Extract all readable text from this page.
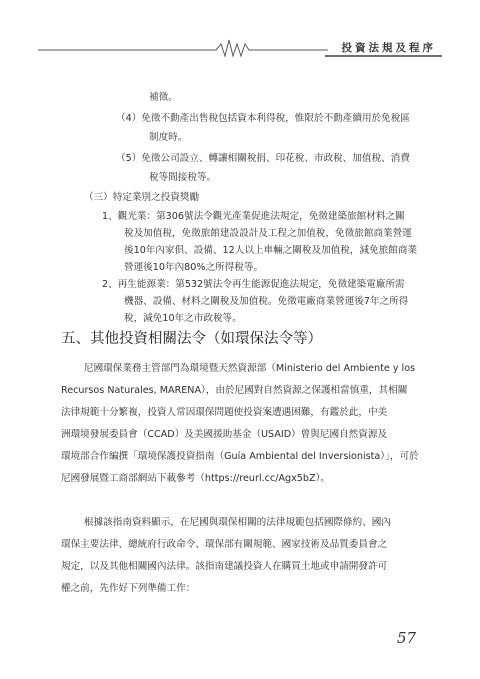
投資法規及程序
五、其他投資相關法令（如環保法令等）
尼國環保業務主管部門為環境暨天然資源部（Ministerio del Ambiente y los
Recursos Naturales, MARENA），由於尼國對自然資源之保護相當慎重，其相關
法律規範十分繁複，投資人常因環保問題使投資案遭遇困難，有鑑於此，中美
洲環境發展委員會（CCAD）及美國援助基金（USAID）曾與尼國自然資源及
環境部合作編撰「環境保護投資指南（Guía Ambiental del Inversionista）」，可於
尼國發展暨工商部網站下載參考（https://reurl.cc/Agx5bZ）。
根據該指南資料顯示，在尼國與環保相關的法律規範包括國際條約、國內
環保主要法律、總統府行政命令、環保部有關規範、國家技術及品質委員會之
規定，以及其他相關國內法律。該指南建議投資人在購買土地或申請開發許可
權之前，先作好下列準備工作：
57
補徵。
（4）免徵不動產出售稅包括資本利得稅，惟限於不動產續用於免稅區
制度時。
（5）免徵公司設立、轉讓相關稅捐、印花稅、市政稅、加值稅、消費
稅等間接稅等。
（三）特定業別之投資獎勵
1、觀光業：第306號法令觀光產業促進法規定，免徵建築旅館材料之關
稅及加值稅，免徵旅館建設設計及工程之加值稅，免徵旅館商業營運
後10年內家俱、設備、12人以上車輛之關稅及加值稅，減免旅館商業
營運後10年內80%之所得稅等。
2、再生能源業：第532號法令再生能源促進法規定，免徵建築電廠所需
機器、設備、材料之關稅及加值稅。免徵電廠商業營運後7年之所得
稅，減免10年之市政稅等。
